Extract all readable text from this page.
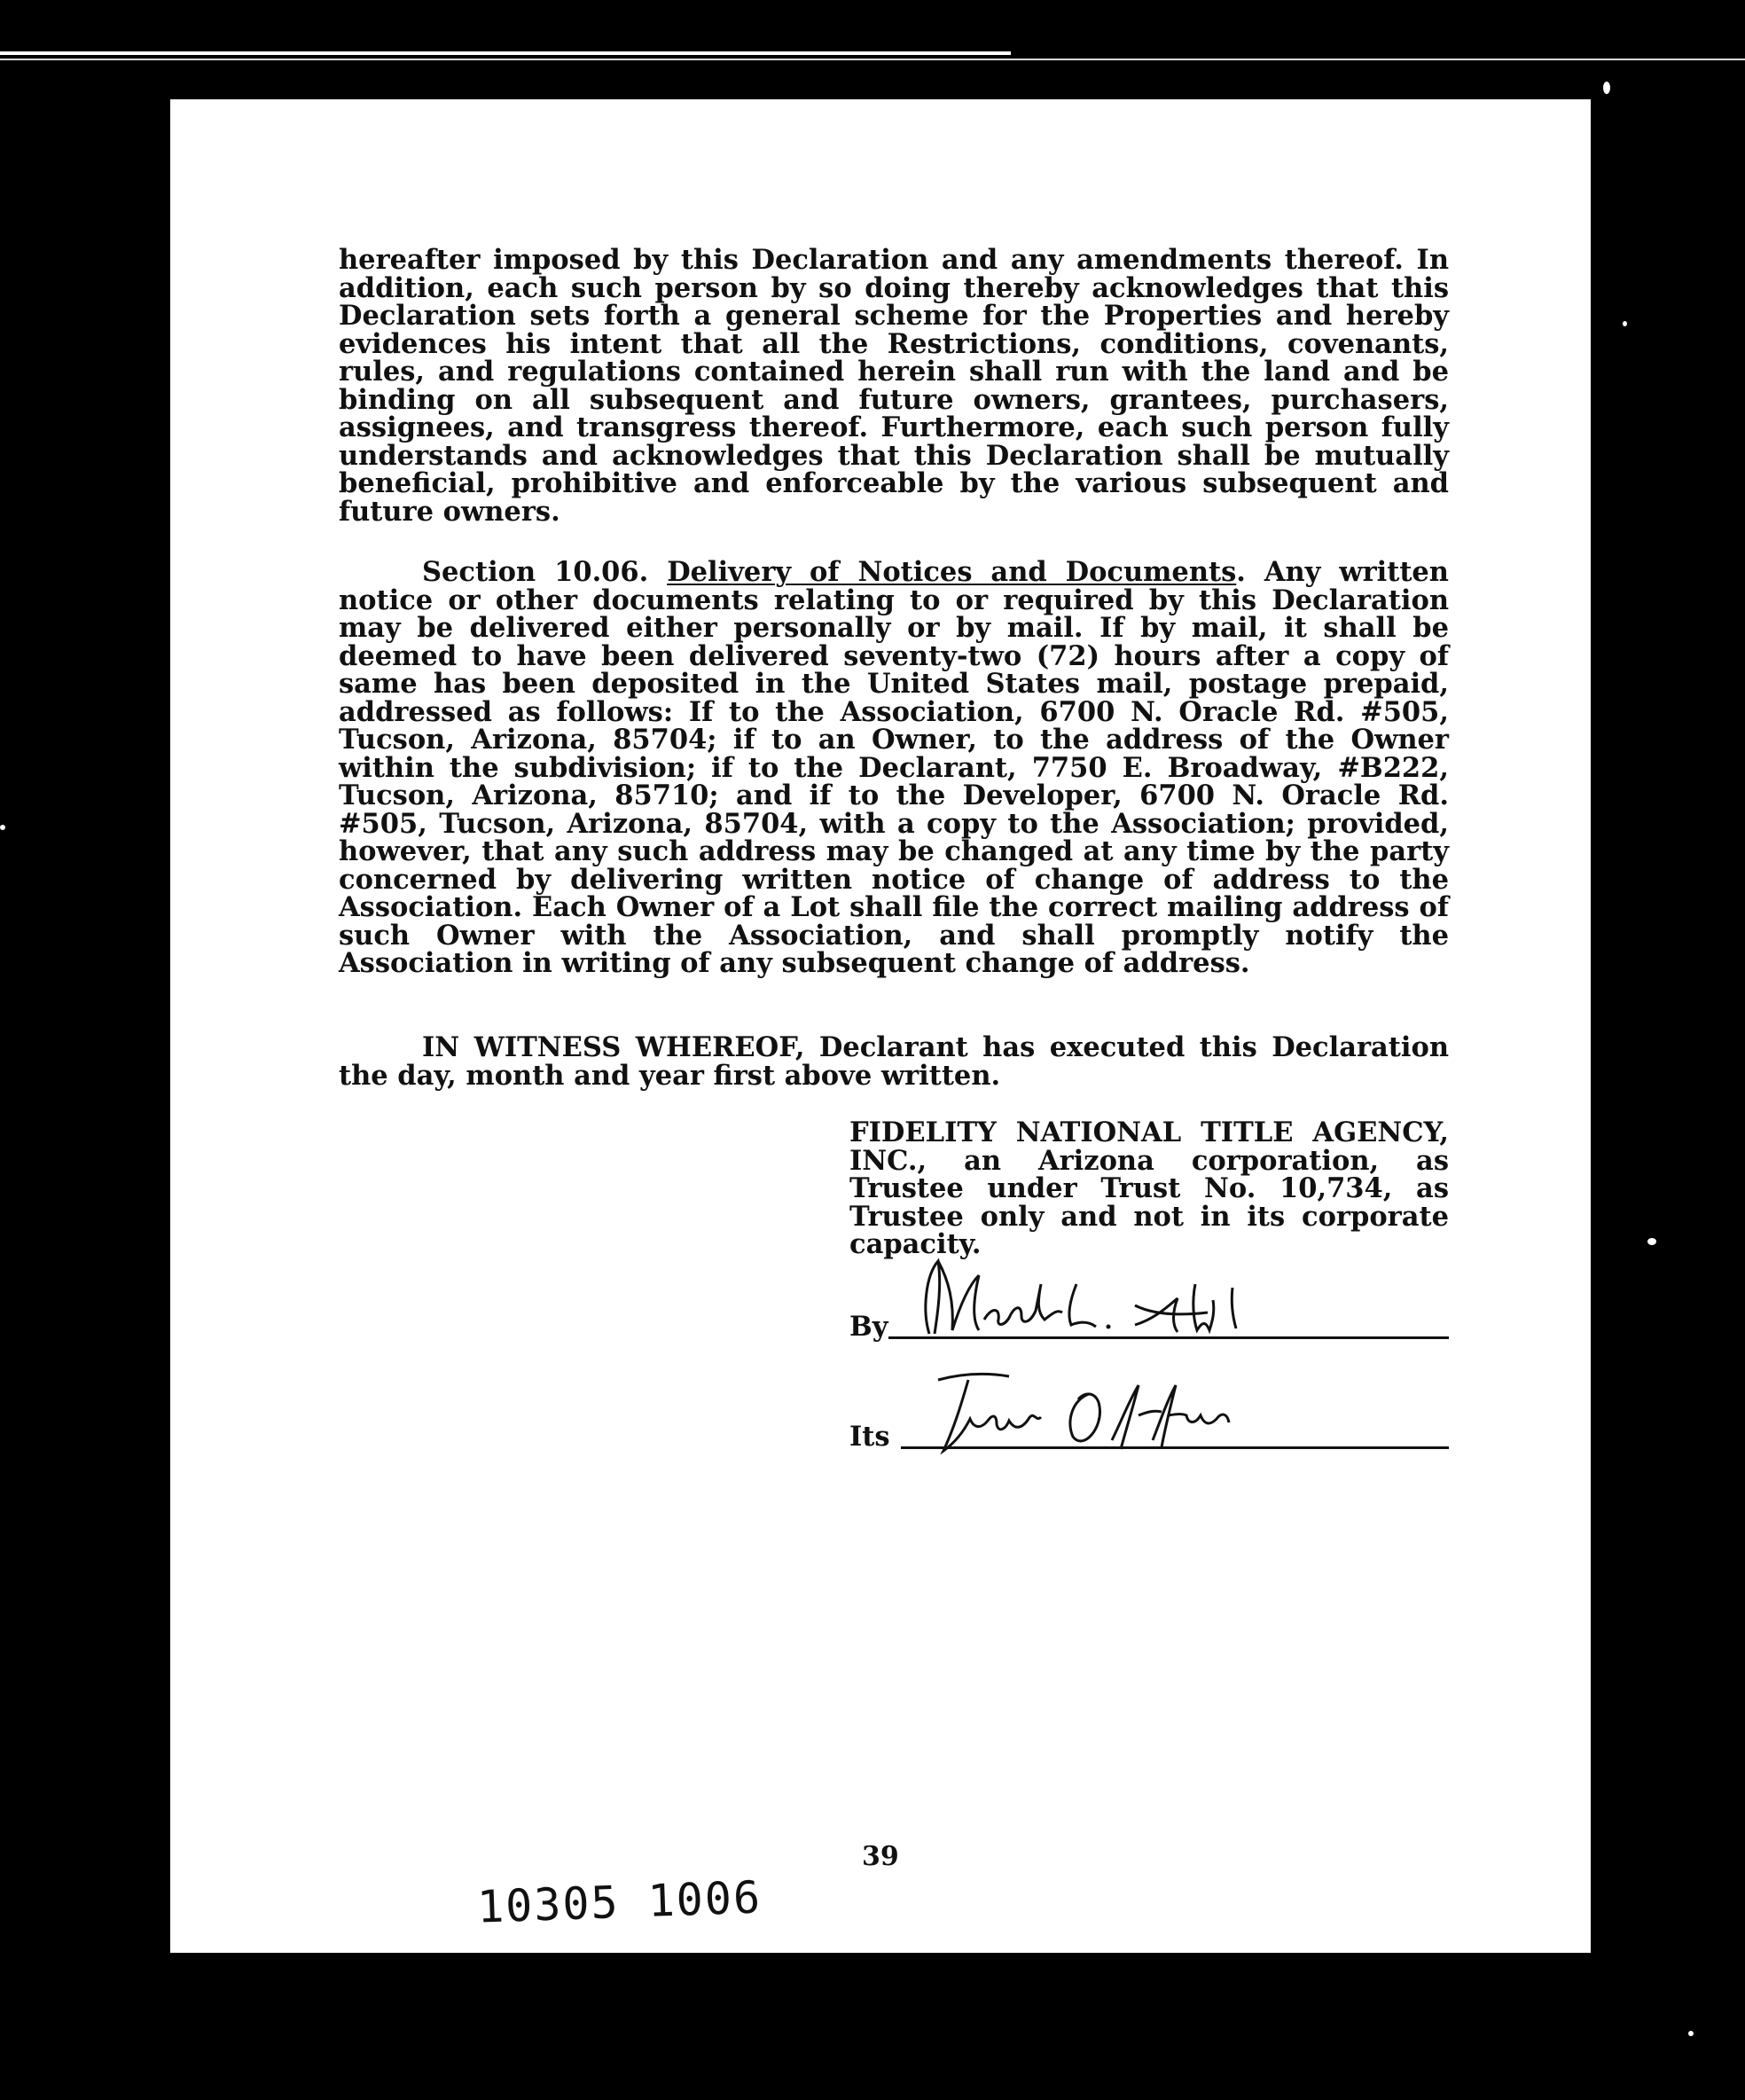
hereafter imposed by this Declaration and any amendments thereof. In addition, each such person by so doing thereby acknowledges that this Declaration sets forth a general scheme for the Properties and hereby evidences his intent that all the Restrictions, conditions, covenants, rules, and regulations contained herein shall run with the land and be binding on all subsequent and future owners, grantees, purchasers, assignees, and transgress thereof. Furthermore, each such person fully understands and acknowledges that this Declaration shall be mutually beneficial, prohibitive and enforceable by the various subsequent and future owners.
Section 10.06. Delivery of Notices and Documents. Any written notice or other documents relating to or required by this Declaration may be delivered either personally or by mail. If by mail, it shall be deemed to have been delivered seventy-two (72) hours after a copy of same has been deposited in the United States mail, postage prepaid, addressed as follows: If to the Association, 6700 N. Oracle Rd. #505, Tucson, Arizona, 85704; if to an Owner, to the address of the Owner within the subdivision; if to the Declarant, 7750 E. Broadway, #B222, Tucson, Arizona, 85710; and if to the Developer, 6700 N. Oracle Rd. #505, Tucson, Arizona, 85704, with a copy to the Association; provided, however, that any such address may be changed at any time by the party concerned by delivering written notice of change of address to the Association. Each Owner of a Lot shall file the correct mailing address of such Owner with the Association, and shall promptly notify the Association in writing of any subsequent change of address.
IN WITNESS WHEREOF, Declarant has executed this Declaration the day, month and year first above written.
FIDELITY NATIONAL TITLE AGENCY, INC., an Arizona corporation, as Trustee under Trust No. 10,734, as Trustee only and not in its corporate capacity.
By
Its
39
10305 1006
